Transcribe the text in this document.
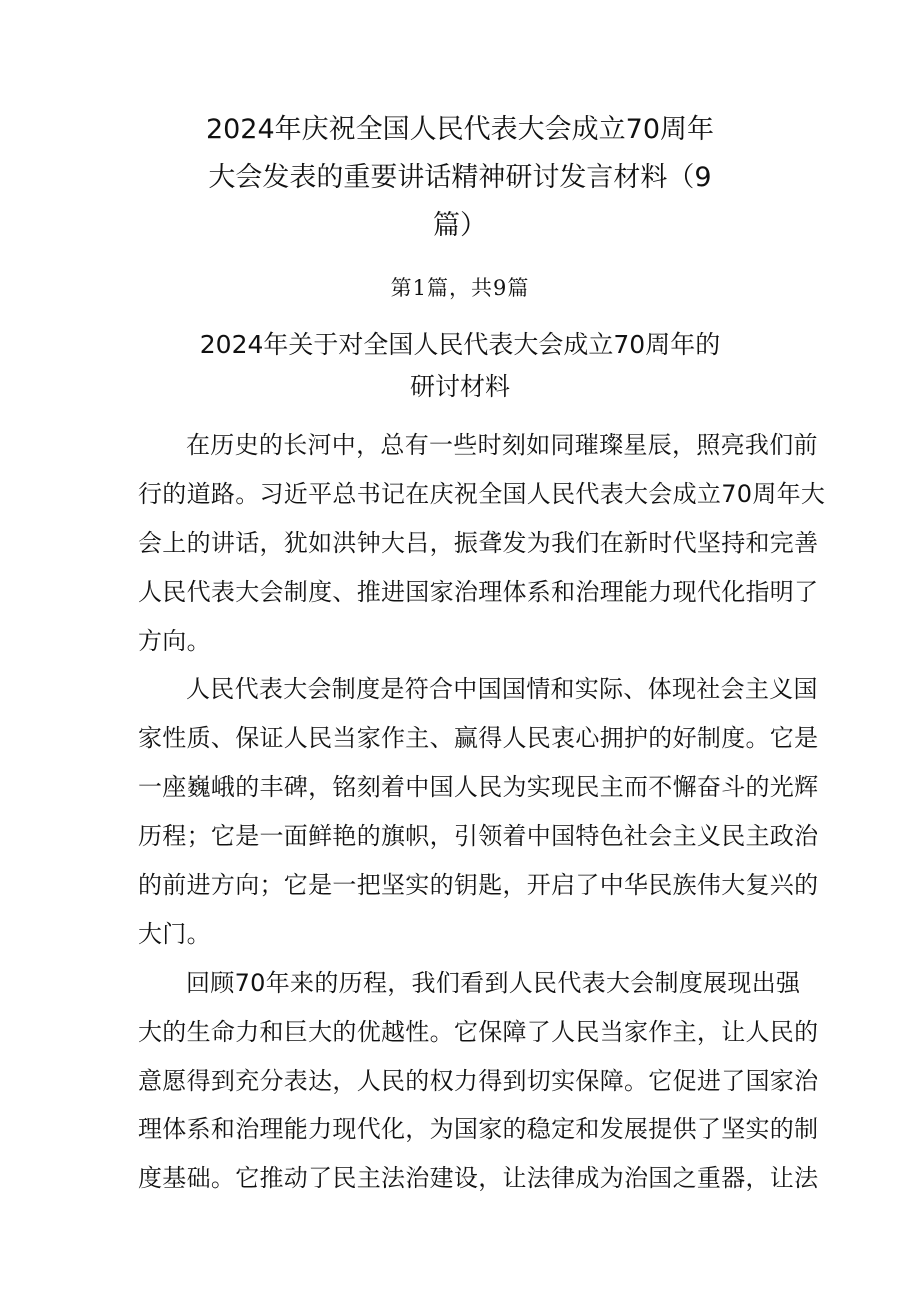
2024年庆祝全国人民代表大会成立70周年
大会发表的重要讲话精神研讨发言材料（9
篇）
第1篇，共9篇
2024年关于对全国人民代表大会成立70周年的
研讨材料

在历史的长河中，总有一些时刻如同璀璨星辰，照亮我们前
行的道路。习近平总书记在庆祝全国人民代表大会成立70周年大
会上的讲话，犹如洪钟大吕，振聋发为我们在新时代坚持和完善
人民代表大会制度、推进国家治理体系和治理能力现代化指明了
方向。

人民代表大会制度是符合中国国情和实际、体现社会主义国
家性质、保证人民当家作主、赢得人民衷心拥护的好制度。它是
一座巍峨的丰碑，铭刻着中国人民为实现民主而不懈奋斗的光辉
历程；它是一面鲜艳的旗帜，引领着中国特色社会主义民主政治
的前进方向；它是一把坚实的钥匙，开启了中华民族伟大复兴的
大门。

回顾70年来的历程，我们看到人民代表大会制度展现出强
大的生命力和巨大的优越性。它保障了人民当家作主，让人民的
意愿得到充分表达，人民的权力得到切实保障。它促进了国家治
理体系和治理能力现代化，为国家的稳定和发展提供了坚实的制
度基础。它推动了民主法治建设，让法律成为治国之重器，让法
